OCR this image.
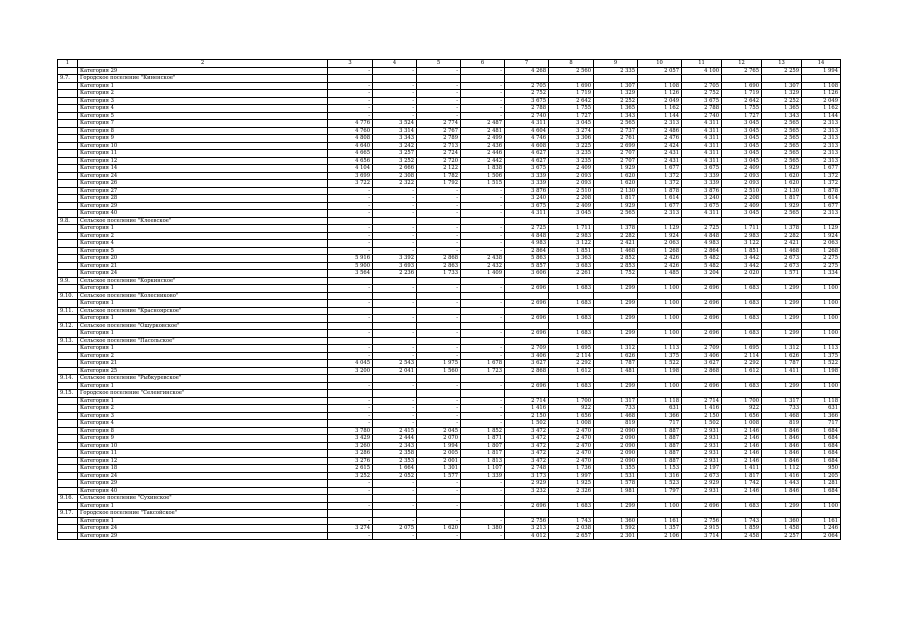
1	2	3	4	5	6	7	8	9	10	11	12	13	14
	Категория 29	-	-	-	-	4 268	2 560	2 335	2 057	4 100	2 765	2 259	1 994
9.7.	Городское поселение "Киненское"												
	Категория 1	-	-	-	-	2 705	1 690	1 307	1 108	2 705	1 690	1 307	1 108
	Категория 2	-	-	-	-	2 752	1 719	1 329	1 126	2 752	1 719	1 329	1 126
	Категория 3	-	-	-	-	3 675	2 642	2 252	2 049	3 675	2 642	2 252	2 049
	Категория 4	-	-	-	-	2 788	1 755	1 365	1 162	2 788	1 755	1 365	1 162
	Категория 5	-	-	-	-	2 740	1 727	1 343	1 144	2 740	1 727	1 343	1 144
	Категория 7	4 776	3 524	2 774	2 487	4 311	3 045	2 565	2 313	4 311	3 045	2 565	2 313
	Категория 8	4 760	3 314	2 767	2 481	4 604	3 274	2 737	2 486	4 311	3 045	2 565	2 313
	Категория 9	4 808	3 343	2 789	2 499	4 746	3 306	2 761	2 476	4 311	3 045	2 565	2 313
	Категория 10	4 640	3 242	2 713	2 436	4 608	3 225	2 699	2 424	4 311	3 045	2 565	2 313
	Категория 11	4 665	3 257	2 724	2 446	4 627	3 235	2 707	2 431	4 311	3 045	2 565	2 313
	Категория 12	4 656	3 252	2 720	2 442	4 627	3 235	2 707	2 431	4 311	3 045	2 565	2 313
	Категория 14	4 104	2 666	2 122	1 838	3 675	2 409	1 929	1 677	3 675	2 409	1 929	1 677
	Категория 24	3 699	2 308	1 782	1 506	3 339	2 093	1 620	1 372	3 339	2 093	1 620	1 372
	Категория 26	3 722	2 322	1 792	1 515	3 339	2 093	1 620	1 372	3 339	2 093	1 620	1 372
	Категория 27	-	-	-	-	3 876	2 510	2 130	1 878	3 876	2 510	2 130	1 878
	Категория 28	-	-	-	-	3 240	2 208	1 817	1 614	3 240	2 208	1 817	1 614
	Категория 29	-	-	-	-	3 675	2 409	1 929	1 677	3 675	2 409	1 929	1 677
	Категория 40	-	-	-	-	4 311	3 045	2 565	2 313	4 311	3 045	2 565	2 313
9.8.	Сельское поселение "Клеевское"												
	Категория 1	-	-	-	-	2 725	1 711	1 378	1 129	2 725	1 711	1 378	1 129
	Категория 2	-	-	-	-	4 848	2 983	2 282	1 924	4 848	2 983	2 282	1 924
	Категория 4	-	-	-	-	4 983	3 122	2 421	2 063	4 983	3 122	2 421	2 063
	Категория 5	-	-	-	-	2 864	1 851	1 468	1 268	2 864	1 851	1 468	1 268
	Категория 20	5 916	3 392	2 868	2 438	5 863	3 363	2 852	2 426	5 482	3 442	2 673	2 275
	Категория 21	5 900	3 693	2 863	2 432	5 857	3 683	2 853	2 426	5 482	3 442	2 673	2 275
	Категория 24	3 564	2 236	1 733	1 409	3 606	2 261	1 752	1 485	3 204	2 020	1 571	1 334
9.9.	Сельское поселение "Коркинское"												
	Категория 1	-	-	-	-	2 696	1 683	1 299	1 100	2 696	1 683	1 299	1 100
9.10.	Сельское поселение "Колесниково"												
	Категория 1	-	-	-	-	2 696	1 683	1 299	1 100	2 696	1 683	1 299	1 100
9.11.	Сельское поселение "Красноярское"												
	Категория 1	-	-	-	-	2 696	1 683	1 299	1 100	2 696	1 683	1 299	1 100
9.12.	Сельское поселение "Ошурковское"												
	Категория 1	-	-	-	-	2 696	1 683	1 299	1 100	2 696	1 683	1 299	1 100
9.13.	Сельское поселение "Пасольское"												
	Категория 1	-	-	-	-	2 709	1 695	1 312	1 113	2 709	1 695	1 312	1 113
	Категория 2	-	-	-	-	3 406	2 114	1 626	1 375	3 406	2 114	1 626	1 375
	Категория 21	4 045	2 543	1 975	1 678	3 627	2 292	1 787	1 522	3 627	2 292	1 787	1 522
	Категория 25	3 200	2 041	1 560	1 723	2 868	1 612	1 481	1 198	2 868	1 612	1 411	1 198
9.14.	Сельское поселение "Рыбкуревское"												
	Категория 1	-	-	-	-	2 696	1 683	1 299	1 100	2 696	1 683	1 299	1 100
9.15.	Городское поселение "Селенгинское"												
	Категория 1	-	-	-	-	2 714	1 700	1 317	1 118	2 714	1 700	1 317	1 118
	Категория 2	-	-	-	-	1 416	922	733	631	1 416	922	733	631
	Категория 3	-	-	-	-	2 150	1 656	1 468	1 366	2 150	1 656	1 468	1 366
	Категория 4	-	-	-	-	1 502	1 008	819	717	1 502	1 008	819	717
	Категория 8	3 780	2 415	2 045	1 852	3 472	2 470	2 090	1 887	2 931	2 146	1 846	1 684
	Категория 9	3 429	2 444	2 070	1 871	3 472	2 470	2 090	1 887	2 931	2 146	1 846	1 684
	Категория 10	3 260	2 343	1 994	1 807	3 472	2 470	2 090	1 887	2 931	2 146	1 846	1 684
	Категория 11	3 286	2 358	2 005	1 817	3 472	2 470	2 090	1 887	2 931	2 146	1 846	1 684
	Категория 12	3 276	2 353	2 001	1 813	3 472	2 470	2 090	1 887	2 931	2 146	1 846	1 684
	Категория 18	2 615	1 664	1 301	1 107	2 748	1 736	1 355	1 153	2 197	1 411	1 112	950
	Категория 24	3 252	2 052	1 577	1 339	3 173	1 997	1 531	1 316	2 673	1 817	1 416	1 205
	Категория 29	-	-	-	-	2 929	1 925	1 578	1 523	2 929	1 742	1 443	1 281
	Категория 40	-	-	-	-	3 232	2 326	1 981	1 797	2 931	2 146	1 846	1 684
9.16.	Сельское поселение "Сухинское"												
	Категория 1	-	-	-	-	2 696	1 683	1 299	1 100	2 696	1 683	1 299	1 100
9.17.	Городское поселение "Таксойское"												
	Категория 1	-	-	-	-	2 756	1 743	1 360	1 161	2 756	1 743	1 360	1 161
	Категория 24	3 274	2 075	1 620	1 380	3 213	2 038	1 592	1 357	2 915	1 859	1 458	1 246
	Категория 29	-	-	-	-	4 012	2 657	2 301	2 106	3 714	2 458	2 257	2 064
